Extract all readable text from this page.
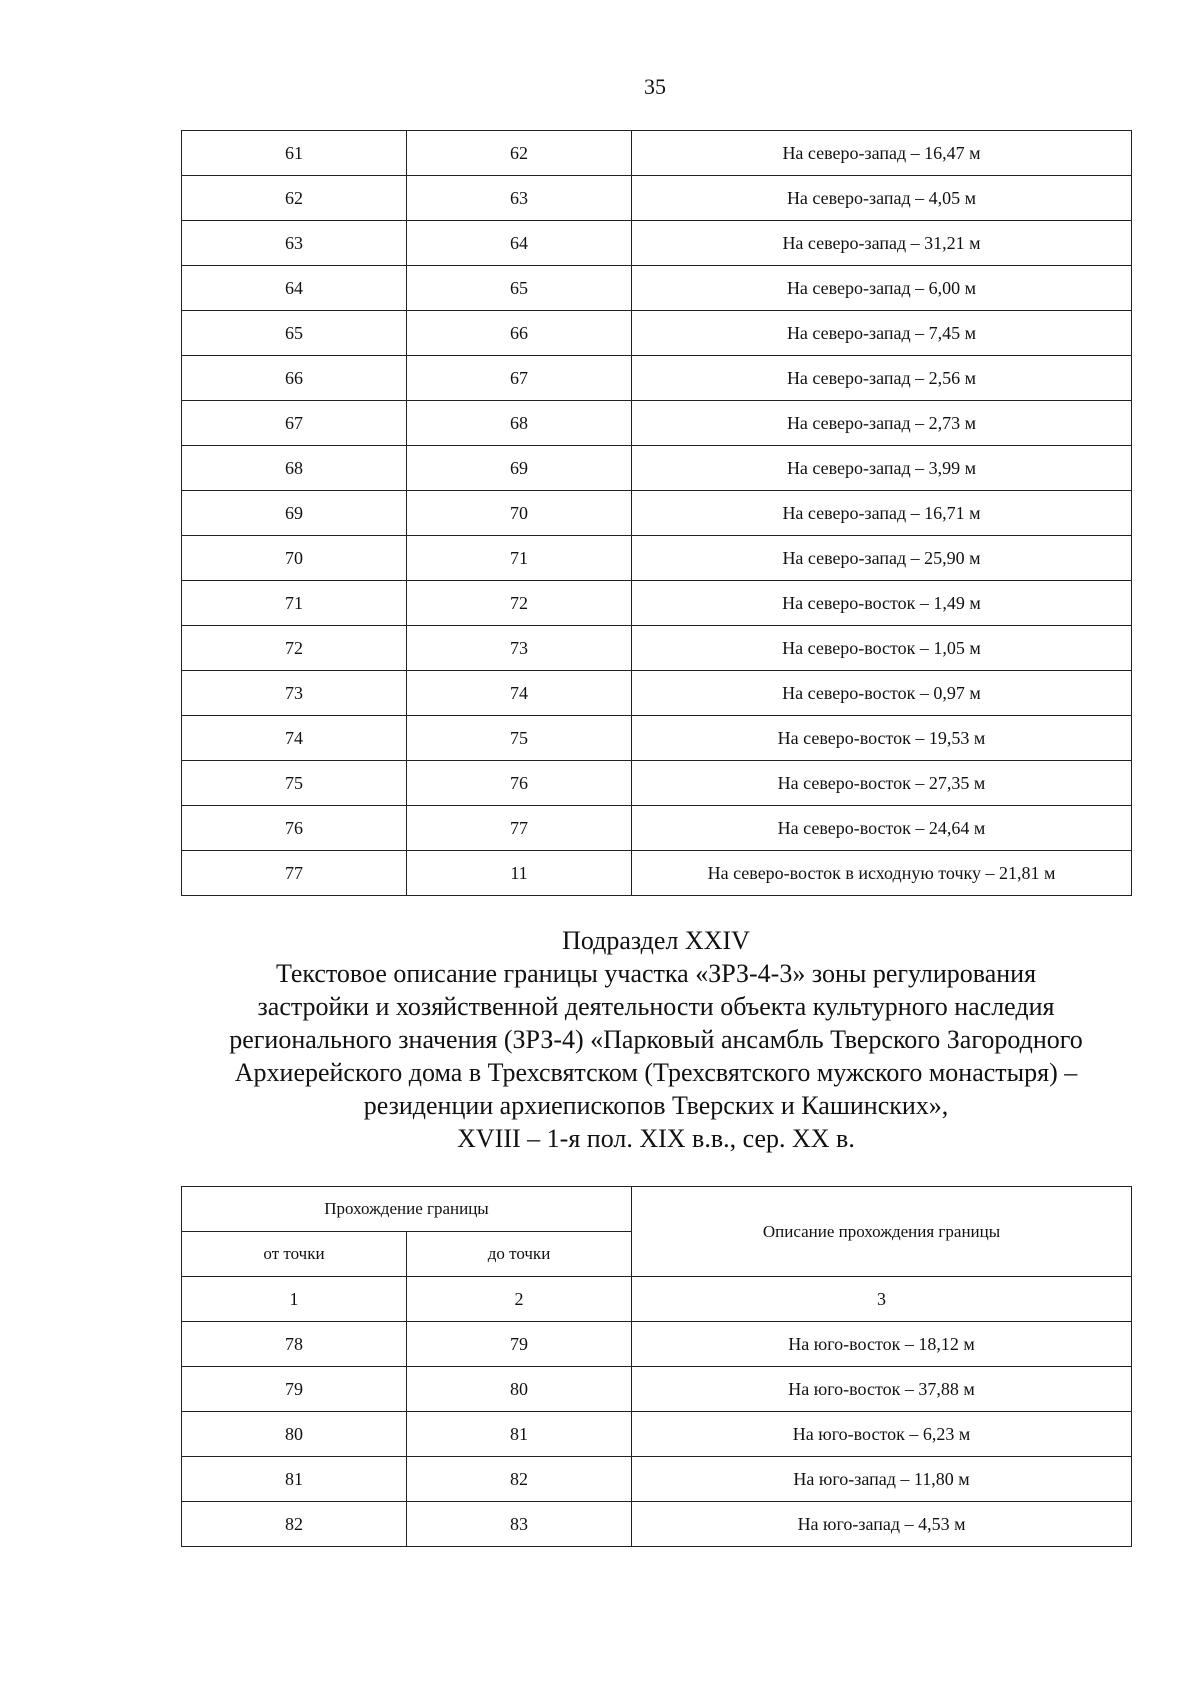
35
61	62	На северо-запад – 16,47 м
62	63	На северо-запад – 4,05 м
63	64	На северо-запад – 31,21 м
64	65	На северо-запад – 6,00 м
65	66	На северо-запад – 7,45 м
66	67	На северо-запад – 2,56 м
67	68	На северо-запад – 2,73 м
68	69	На северо-запад – 3,99 м
69	70	На северо-запад – 16,71 м
70	71	На северо-запад – 25,90 м
71	72	На северо-восток – 1,49 м
72	73	На северо-восток – 1,05 м
73	74	На северо-восток – 0,97 м
74	75	На северо-восток – 19,53 м
75	76	На северо-восток – 27,35 м
76	77	На северо-восток – 24,64 м
77	11	На северо-восток в исходную точку – 21,81 м
Подраздел XXIV
Текстовое описание границы участка «ЗРЗ-4-3» зоны регулирования
застройки и хозяйственной деятельности объекта культурного наследия
регионального значения (ЗРЗ-4) «Парковый ансамбль Тверского Загородного
Архиерейского дома в Трехсвятском (Трехсвятского мужского монастыря) –
резиденции архиепископов Тверских и Кашинских»,
XVIII – 1-я пол. XIX в.в., сер. XX в.
Прохождение границы		Описание прохождения границы
от точки	до точки	
1	2	3
78	79	На юго-восток – 18,12 м
79	80	На юго-восток – 37,88 м
80	81	На юго-восток – 6,23 м
81	82	На юго-запад – 11,80 м
82	83	На юго-запад – 4,53 м
